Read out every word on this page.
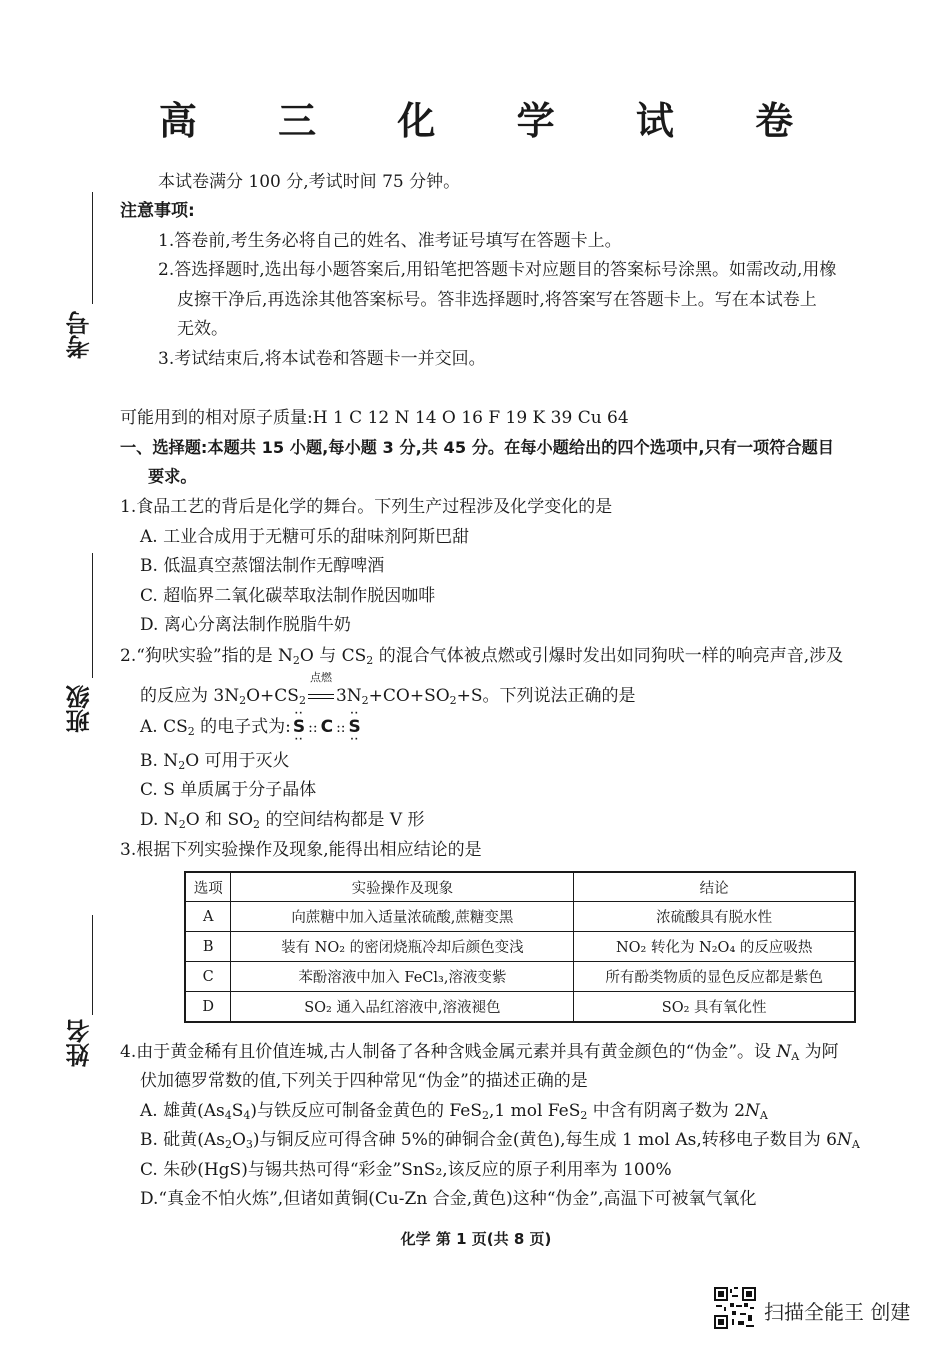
考号
班级
姓名
高 三 化 学 试 卷
本试卷满分 100 分,考试时间 75 分钟。
注意事项:
1.答卷前,考生务必将自己的姓名、准考证号填写在答题卡上。
2.答选择题时,选出每小题答案后,用铅笔把答题卡对应题目的答案标号涂黑。如需改动,用橡
皮擦干净后,再选涂其他答案标号。答非选择题时,将答案写在答题卡上。写在本试卷上
无效。
3.考试结束后,将本试卷和答题卡一并交回。
可能用到的相对原子质量:H 1 C 12 N 14 O 16 F 19 K 39 Cu 64
一、选择题:本题共 15 小题,每小题 3 分,共 45 分。在每小题给出的四个选项中,只有一项符合题目
要求。
1.食品工艺的背后是化学的舞台。下列生产过程涉及化学变化的是
A. 工业合成用于无糖可乐的甜味剂阿斯巴甜
B. 低温真空蒸馏法制作无醇啤酒
C. 超临界二氧化碳萃取法制作脱因咖啡
D. 离心分离法制作脱脂牛奶
2.“狗吠实验”指的是 $N_2O$ 与 $CS_2$ 的混合气体被点燃或引爆时发出如同狗吠一样的响亮声音,涉及
的反应为 $3N_2O+CS_2$
点燃
$3N_2+CO+SO_2+S$。下列说法正确的是
A. $CS_2$ 的电子式为:
··
S
··
:: C ::
··
S
··
B. $N_2O$ 可用于灭火
C. S 单质属于分子晶体
D. $N_2O$ 和 $SO_2$ 的空间结构都是 V 形
3.根据下列实验操作及现象,能得出相应结论的是
选项	实验操作及现象	结论
A	向蔗糖中加入适量浓硫酸,蔗糖变黑	浓硫酸具有脱水性
B	装有 NO₂ 的密闭烧瓶冷却后颜色变浅	NO₂ 转化为 N₂O₄ 的反应吸热
C	苯酚溶液中加入 FeCl₃,溶液变紫	所有酚类物质的显色反应都是紫色
D	SO₂ 通入品红溶液中,溶液褪色	SO₂ 具有氧化性
4.由于黄金稀有且价值连城,古人制备了各种含贱金属元素并具有黄金颜色的“伪金”。设 $N_A$ 为阿
伏加德罗常数的值,下列关于四种常见“伪金”的描述正确的是
A. 雄黄$(As_4S_4)$与铁反应可制备金黄色的 FeS$_2$,1 mol FeS$_2$ 中含有阴离子数为 $2N_A$
B. 砒黄$(As_2O_3)$与铜反应可得含砷 5%的砷铜合金(黄色),每生成 1 mol As,转移电子数目为 $6N_A$
C. 朱砂(HgS)与锡共热可得“彩金”SnS₂,该反应的原子利用率为 100%
D.“真金不怕火炼”,但诸如黄铜(Cu-Zn 合金,黄色)这种“伪金”,高温下可被氧气氧化
化学 第 1 页(共 8 页)
扫描全能王 创建
